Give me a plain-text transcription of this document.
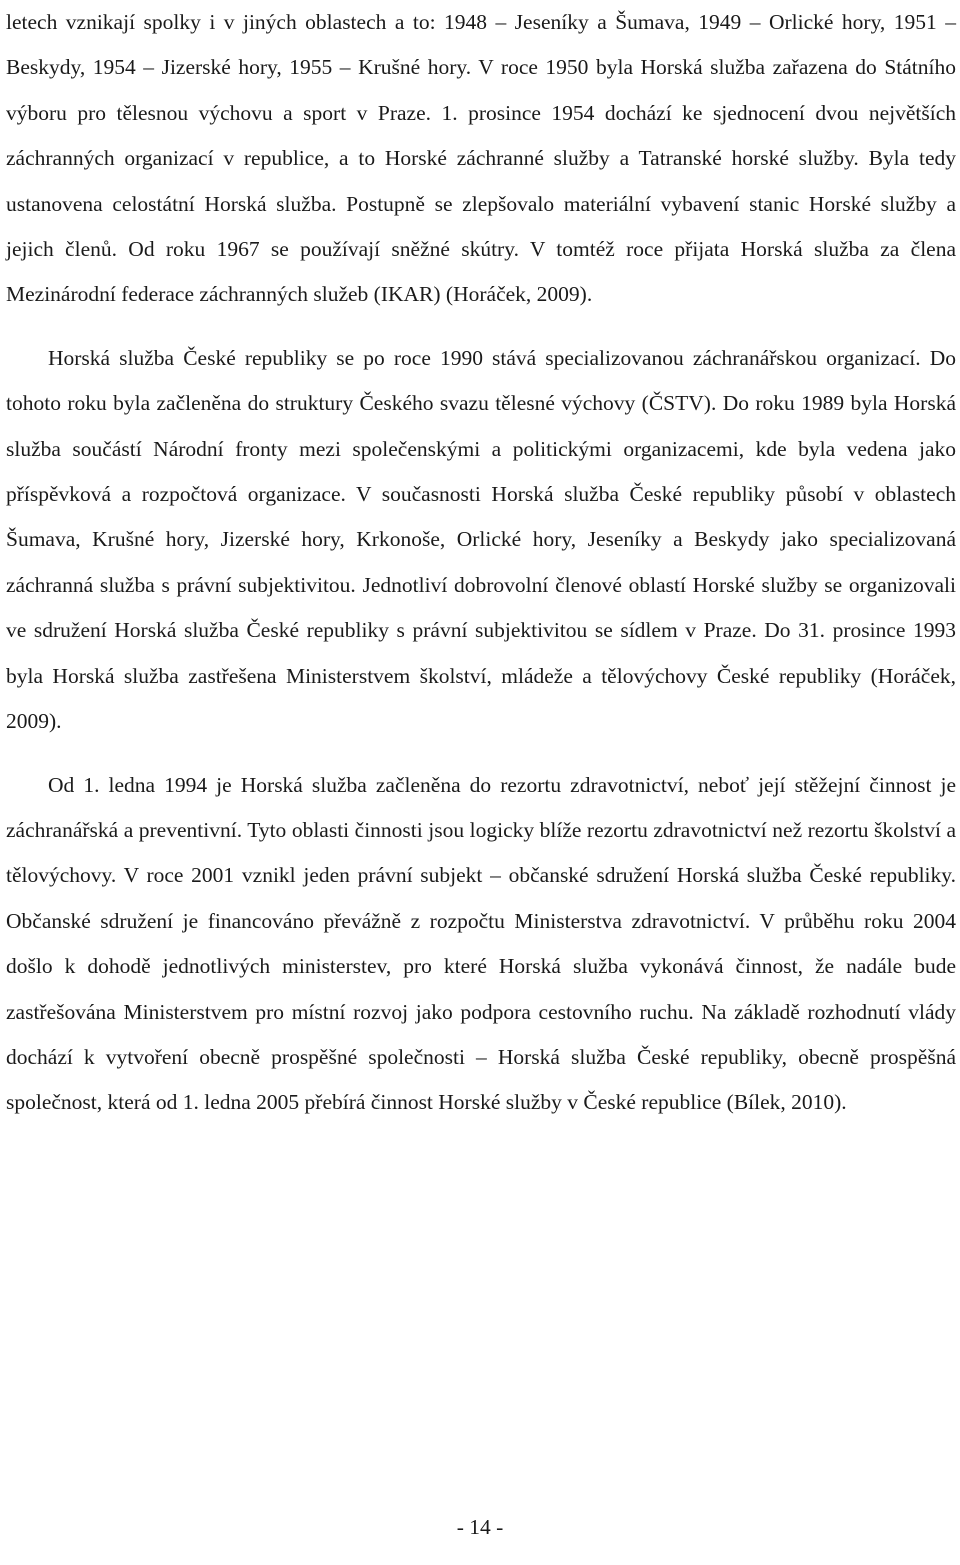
letech vznikají spolky i v jiných oblastech a to: 1948 – Jeseníky a Šumava, 1949 – Orlické hory, 1951 – Beskydy, 1954 – Jizerské hory, 1955 – Krušné hory. V roce 1950 byla Horská služba zařazena do Státního výboru pro tělesnou výchovu a sport v Praze. 1. prosince 1954 dochází ke sjednocení dvou největších záchranných organizací v republice, a to Horské záchranné služby a Tatranské horské služby. Byla tedy ustanovena celostátní Horská služba. Postupně se zlepšovalo materiální vybavení stanic Horské služby a jejich členů. Od roku 1967 se používají sněžné skútry. V tomtéž roce přijata Horská služba za člena Mezinárodní federace záchranných služeb (IKAR) (Horáček, 2009).

Horská služba České republiky se po roce 1990 stává specializovanou záchranářskou organizací. Do tohoto roku byla začleněna do struktury Českého svazu tělesné výchovy (ČSTV). Do roku 1989 byla Horská služba součástí Národní fronty mezi společenskými a politickými organizacemi, kde byla vedena jako příspěvková a rozpočtová organizace. V současnosti Horská služba České republiky působí v oblastech Šumava, Krušné hory, Jizerské hory, Krkonoše, Orlické hory, Jeseníky a Beskydy jako specializovaná záchranná služba s právní subjektivitou. Jednotliví dobrovolní členové oblastí Horské služby se organizovali ve sdružení Horská služba České republiky s právní subjektivitou se sídlem v Praze. Do 31. prosince 1993 byla Horská služba zastřešena Ministerstvem školství, mládeže a tělovýchovy České republiky (Horáček, 2009).

Od 1. ledna 1994 je Horská služba začleněna do rezortu zdravotnictví, neboť její stěžejní činnost je záchranářská a preventivní. Tyto oblasti činnosti jsou logicky blíže rezortu zdravotnictví než rezortu školství a tělovýchovy. V roce 2001 vznikl jeden právní subjekt – občanské sdružení Horská služba České republiky. Občanské sdružení je financováno převážně z rozpočtu Ministerstva zdravotnictví. V průběhu roku 2004 došlo k dohodě jednotlivých ministerstev, pro které Horská služba vykonává činnost, že nadále bude zastřešována Ministerstvem pro místní rozvoj jako podpora cestovního ruchu. Na základě rozhodnutí vlády dochází k vytvoření obecně prospěšné společnosti – Horská služba České republiky, obecně prospěšná společnost, která od 1. ledna 2005 přebírá činnost Horské služby v České republice (Bílek, 2010).

- 14 -
